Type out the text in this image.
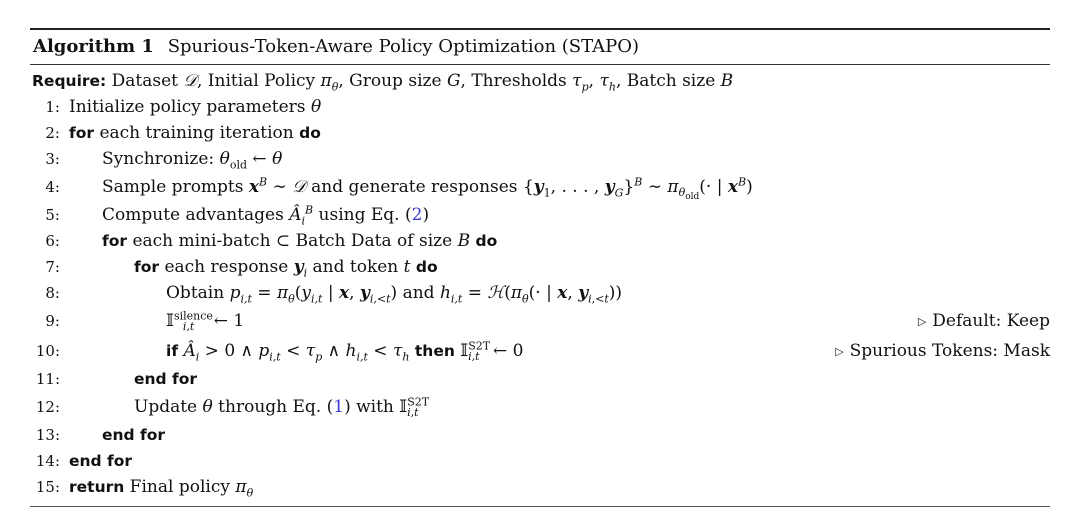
Algorithm 1 Spurious-Token-Aware Policy Optimization (STAPO)
Require: Dataset 𝒟, Initial Policy $\pi_\theta$, Group size G, Thresholds $\tau_p$, $\tau_h$, Batch size B
1: Initialize policy parameters θ
2: for each training iteration do
3: Synchronize: $\theta_{old}$ ← θ
4: Sample prompts $x^B$ ∼ 𝒟 and generate responses {$y_1$, . . . , $y_G\}^B$ ∼ $\pi_{\theta_{old}}(\cdot$ | $x^B$)
5: Compute advantages $Â_i^B$ using Eq. (2)
6:	for each mini-batch ⊂ Batch Data of size B do
7:	for each response $y_i$ and token t do
8:	Obtain $p_{i,t} = \pi_\theta(y_{i,t}$ | x, $y_{i,<t}$) and $h_{i,t}$ = $ℋ(\pi_\theta(\cdot$ | x, $y_{i,<t}$))
9:	𝕀$^{silence}_{i,t}$ ← 1	▷ Default: Keep
10:	if $Â_i > 0$ ∧ $p_{i,t} < \tau_p$ ∧ $h_{i,t} < \tau_h$ then 𝕀$^{S2T}_{i,t}$ ← 0	▷ Spurious Tokens: Mask
11:	end for
12:	Update θ through Eq. (1) with 𝕀$^{S2T}_{i,t}$
13:	end for
14: end for
15: return Final policy $\pi_\theta$
